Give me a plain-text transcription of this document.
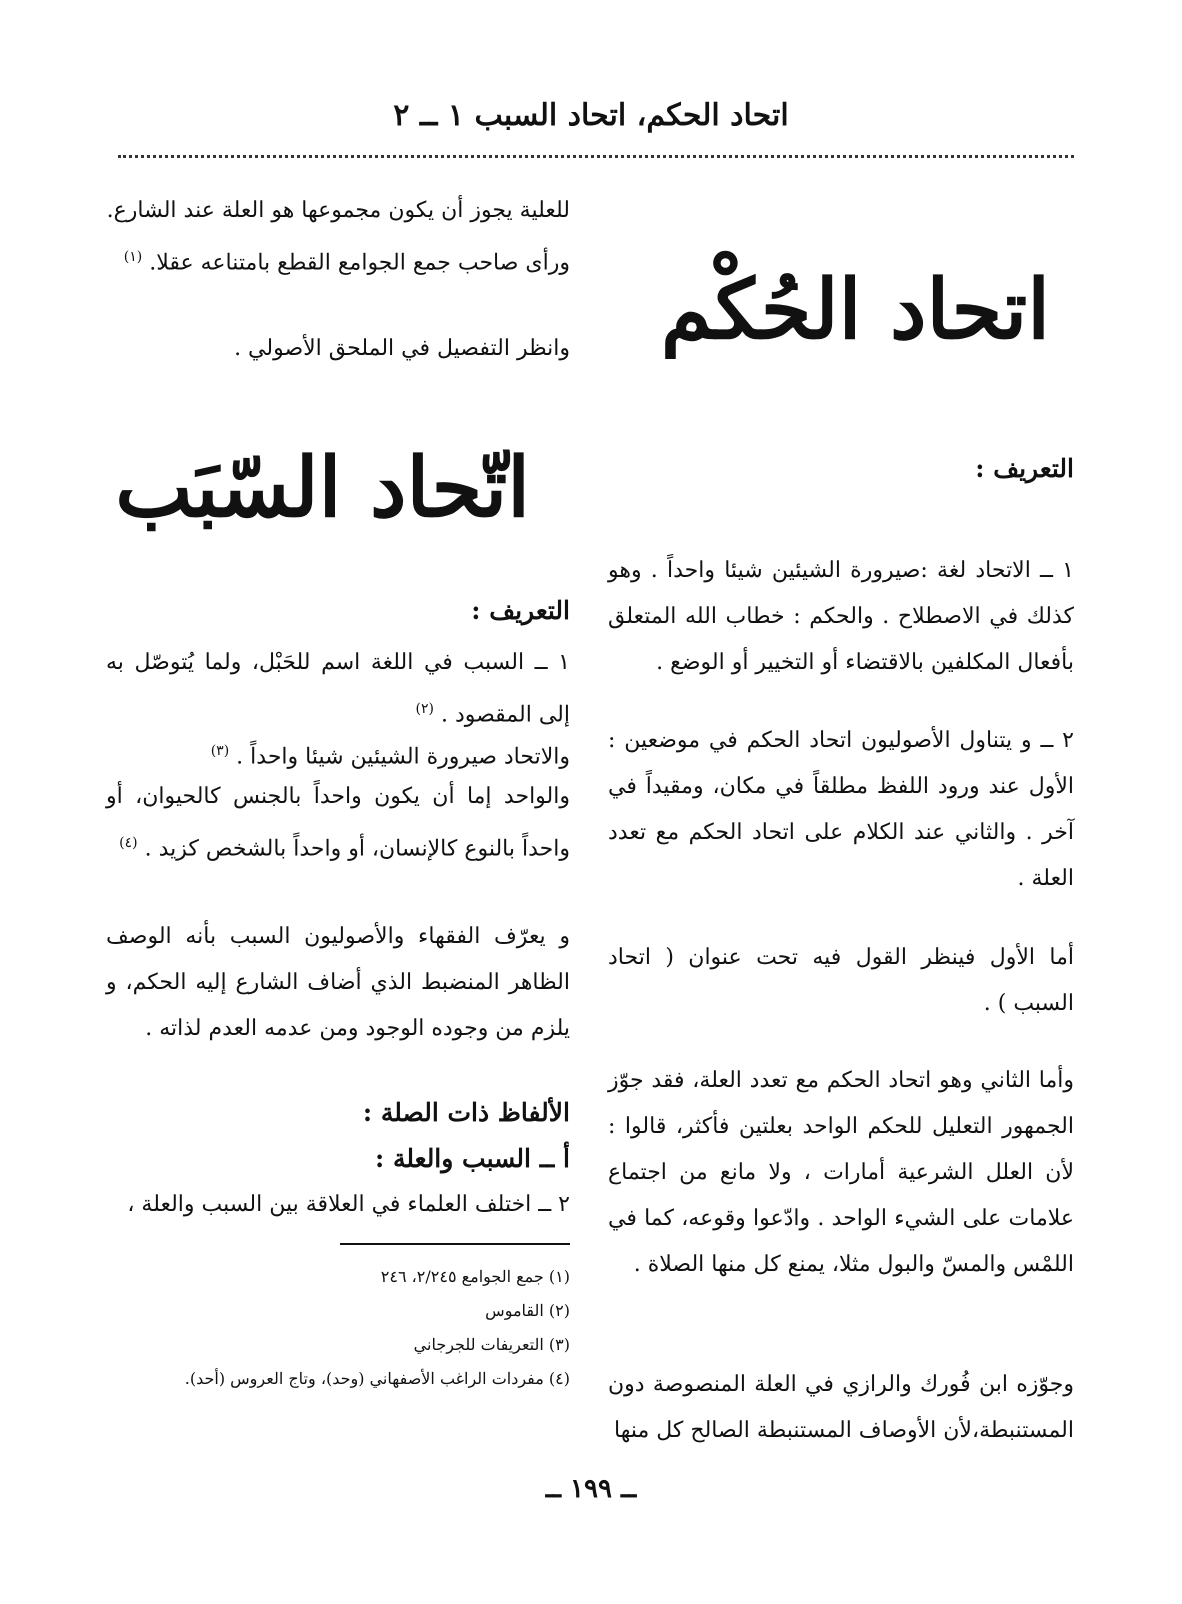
اتحاد الحكم، اتحاد السبب ١ ــ ٢
اتحاد الحُكْم
التعريف :
١ ــ الاتحاد لغة :صيرورة الشيئين شيئا واحداً . وهو كذلك في الاصطلاح . والحكم : خطاب الله المتعلق بأفعال المكلفين بالاقتضاء أو التخيير أو الوضع .
٢ ــ و يتناول الأصوليون اتحاد الحكم في موضعين : الأول عند ورود اللفظ مطلقاً في مكان، ومقيداً في آخر . والثاني عند الكلام على اتحاد الحكم مع تعدد العلة .
أما الأول فينظر القول فيه تحت عنوان ( اتحاد السبب ) .
وأما الثاني وهو اتحاد الحكم مع تعدد العلة، فقد جوّز الجمهور التعليل للحكم الواحد بعلتين فأكثر، قالوا : لأن العلل الشرعية أمارات ، ولا مانع من اجتماع علامات على الشيء الواحد . وادّعوا وقوعه، كما في اللمْس والمسّ والبول مثلا، يمنع كل منها الصلاة .
وجوّزه ابن فُورك والرازي في العلة المنصوصة دون المستنبطة،لأن الأوصاف المستنبطة الصالح كل منها
للعلية يجوز أن يكون مجموعها هو العلة عند الشارع.
ورأى صاحب جمع الجوامع القطع بامتناعه عقلا. $^{(١)}$
وانظر التفصيل في الملحق الأصولي .
اتّحاد السّبَب
التعريف :
١ ــ السبب في اللغة اسم للحَبْل، ولما يُتوصّل به إلى المقصود . $^{(٢)}$
والاتحاد صيرورة الشيئين شيئا واحداً . $^{(٣)}$
والواحد إما أن يكون واحداً بالجنس كالحيوان، أو واحداً بالنوع كالإنسان، أو واحداً بالشخص كزيد . $^{(٤)}$
و يعرّف الفقهاء والأصوليون السبب بأنه الوصف الظاهر المنضبط الذي أضاف الشارع إليه الحكم، و يلزم من وجوده الوجود ومن عدمه العدم لذاته .
الألفاظ ذات الصلة :
أ ــ السبب والعلة :
٢ ــ اختلف العلماء في العلاقة بين السبب والعلة ،
(١) جمع الجوامع ٢/٢٤٥، ٢٤٦
(٢) القاموس
(٣) التعريفات للجرجاني
(٤) مفردات الراغب الأصفهاني (وحد)، وتاج العروس (أحد).
ــ ١٩٩ ــ
